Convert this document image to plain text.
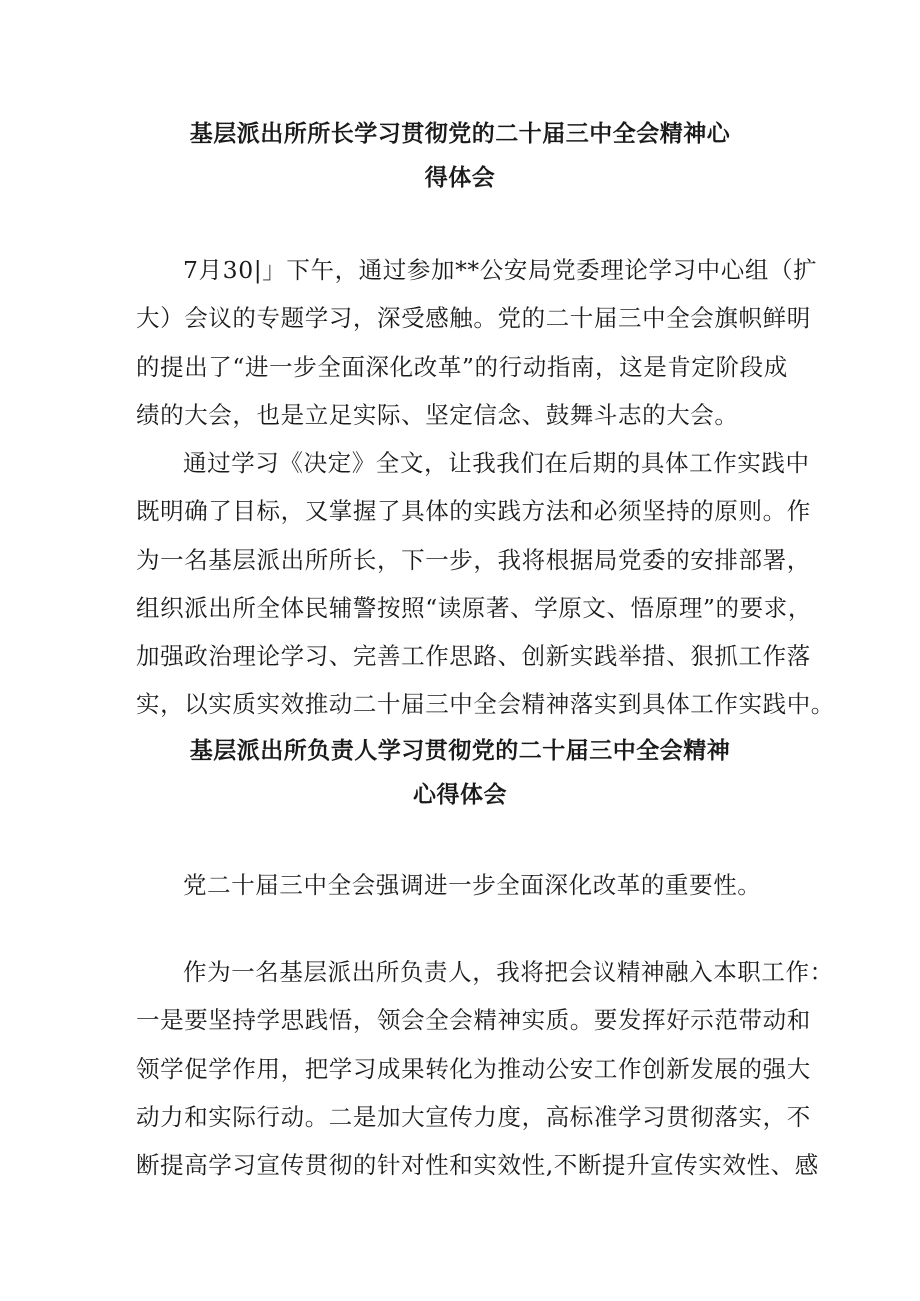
基层派出所所长学习贯彻党的二十届三中全会精神心
得体会
7月30|」下午，通过参加**公安局党委理论学习中心组（扩
大）会议的专题学习，深受感触。党的二十届三中全会旗帜鲜明
的提出了“进一步全面深化改革”的行动指南，这是肯定阶段成
绩的大会，也是立足实际、坚定信念、鼓舞斗志的大会。
通过学习《决定》全文，让我我们在后期的具体工作实践中
既明确了目标，又掌握了具体的实践方法和必须坚持的原则。作
为一名基层派出所所长，下一步，我将根据局党委的安排部署，
组织派出所全体民辅警按照“读原著、学原文、悟原理”的要求，
加强政治理论学习、完善工作思路、创新实践举措、狠抓工作落
实，以实质实效推动二十届三中全会精神落实到具体工作实践中。
基层派出所负责人学习贯彻党的二十届三中全会精神
心得体会
党二十届三中全会强调进一步全面深化改革的重要性。
作为一名基层派出所负责人，我将把会议精神融入本职工作：
一是要坚持学思践悟，领会全会精神实质。要发挥好示范带动和
领学促学作用，把学习成果转化为推动公安工作创新发展的强大
动力和实际行动。二是加大宣传力度，高标准学习贯彻落实，不
断提高学习宣传贯彻的针对性和实效性,不断提升宣传实效性、感
